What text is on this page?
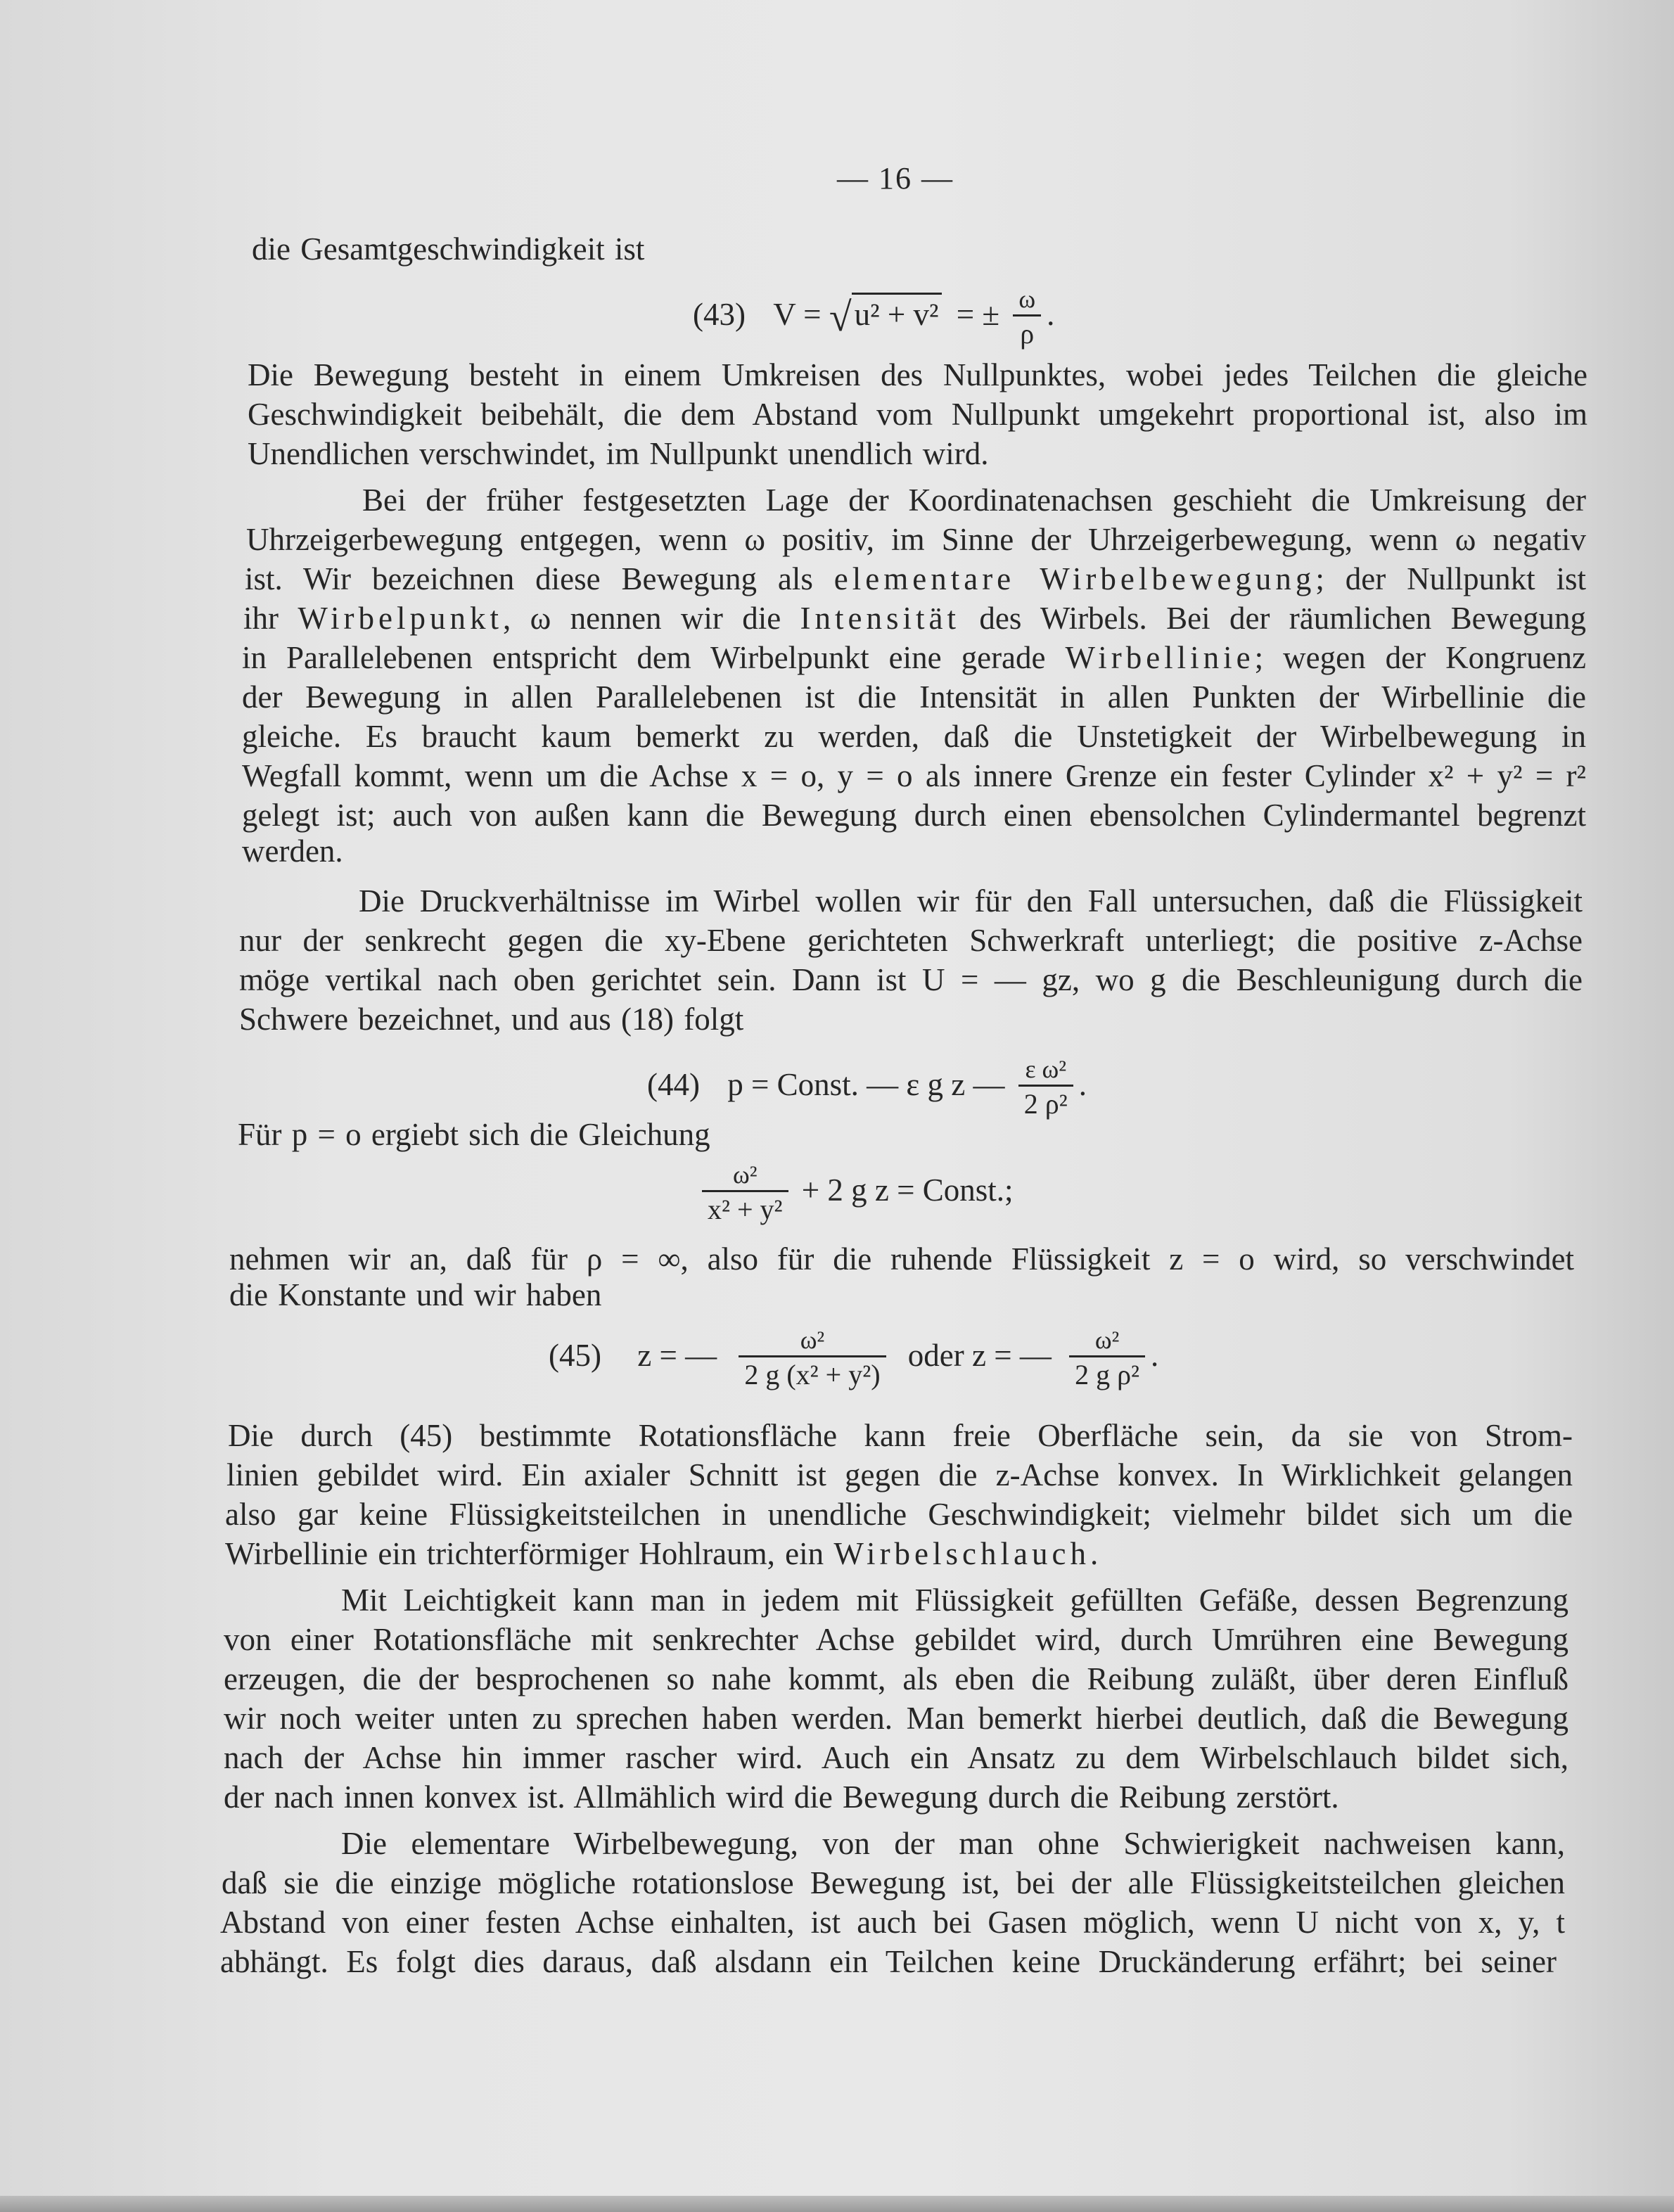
— 16 —
die Gesamtgeschwindigkeit ist
(43) V = √u² + v² = ± $\frac{\omega}{\rho}$ .
Die Bewegung besteht in einem Umkreisen des Nullpunktes, wobei jedes Teilchen die gleiche
Geschwindigkeit beibehält, die dem Abstand vom Nullpunkt umgekehrt proportional ist, also im
Unendlichen verschwindet, im Nullpunkt unendlich wird.
Bei der früher festgesetzten Lage der Koordinatenachsen geschieht die Umkreisung der
Uhrzeigerbewegung entgegen, wenn ω positiv, im Sinne der Uhrzeigerbewegung, wenn ω negativ
ist. Wir bezeichnen diese Bewegung als elementare Wirbelbewegung; der Nullpunkt ist
ihr Wirbelpunkt, ω nennen wir die Intensität des Wirbels. Bei der räumlichen Bewegung
in Parallelebenen entspricht dem Wirbelpunkt eine gerade Wirbellinie; wegen der Kongruenz
der Bewegung in allen Parallelebenen ist die Intensität in allen Punkten der Wirbellinie die
gleiche. Es braucht kaum bemerkt zu werden, daß die Unstetigkeit der Wirbelbewegung in
Wegfall kommt, wenn um die Achse x = o, y = o als innere Grenze ein fester Cylinder x² + y² = r²
gelegt ist; auch von außen kann die Bewegung durch einen ebensolchen Cylindermantel begrenzt
werden.
Die Druckverhältnisse im Wirbel wollen wir für den Fall untersuchen, daß die Flüssigkeit
nur der senkrecht gegen die xy-Ebene gerichteten Schwerkraft unterliegt; die positive z-Achse
möge vertikal nach oben gerichtet sein. Dann ist U = — gz, wo g die Beschleunigung durch die
Schwere bezeichnet, und aus (18) folgt
(44) p = Const. — ε g z — $\frac{\text{ε ω²}}{\text{2 ρ²}}$ .
Für p = o ergiebt sich die Gleichung
$\frac{\text{ω²}}{\text{x² + y²}} + 2$ g z = Const.;
nehmen wir an, daß für ρ = ∞, also für die ruhende Flüssigkeit z = o wird, so verschwindet
die Konstante und wir haben
(45) z = — $\frac{\text{ω²}}{\text{2 g (x² + y²)}}$ oder z = — $\frac{\text{ω²}}{\text{2 g ρ²}}$ .
Die durch (45) bestimmte Rotationsfläche kann freie Oberfläche sein, da sie von Strom-
linien gebildet wird. Ein axialer Schnitt ist gegen die z-Achse konvex. In Wirklichkeit gelangen
also gar keine Flüssigkeitsteilchen in unendliche Geschwindigkeit; vielmehr bildet sich um die
Wirbellinie ein trichterförmiger Hohlraum, ein Wirbelschlauch.
Mit Leichtigkeit kann man in jedem mit Flüssigkeit gefüllten Gefäße, dessen Begrenzung
von einer Rotationsfläche mit senkrechter Achse gebildet wird, durch Umrühren eine Bewegung
erzeugen, die der besprochenen so nahe kommt, als eben die Reibung zuläßt, über deren Einfluß
wir noch weiter unten zu sprechen haben werden. Man bemerkt hierbei deutlich, daß die Bewegung
nach der Achse hin immer rascher wird. Auch ein Ansatz zu dem Wirbelschlauch bildet sich,
der nach innen konvex ist. Allmählich wird die Bewegung durch die Reibung zerstört.
Die elementare Wirbelbewegung, von der man ohne Schwierigkeit nachweisen kann,
daß sie die einzige mögliche rotationslose Bewegung ist, bei der alle Flüssigkeitsteilchen gleichen
Abstand von einer festen Achse einhalten, ist auch bei Gasen möglich, wenn U nicht von x, y, t
abhängt. Es folgt dies daraus, daß alsdann ein Teilchen keine Druckänderung erfährt; bei seiner
